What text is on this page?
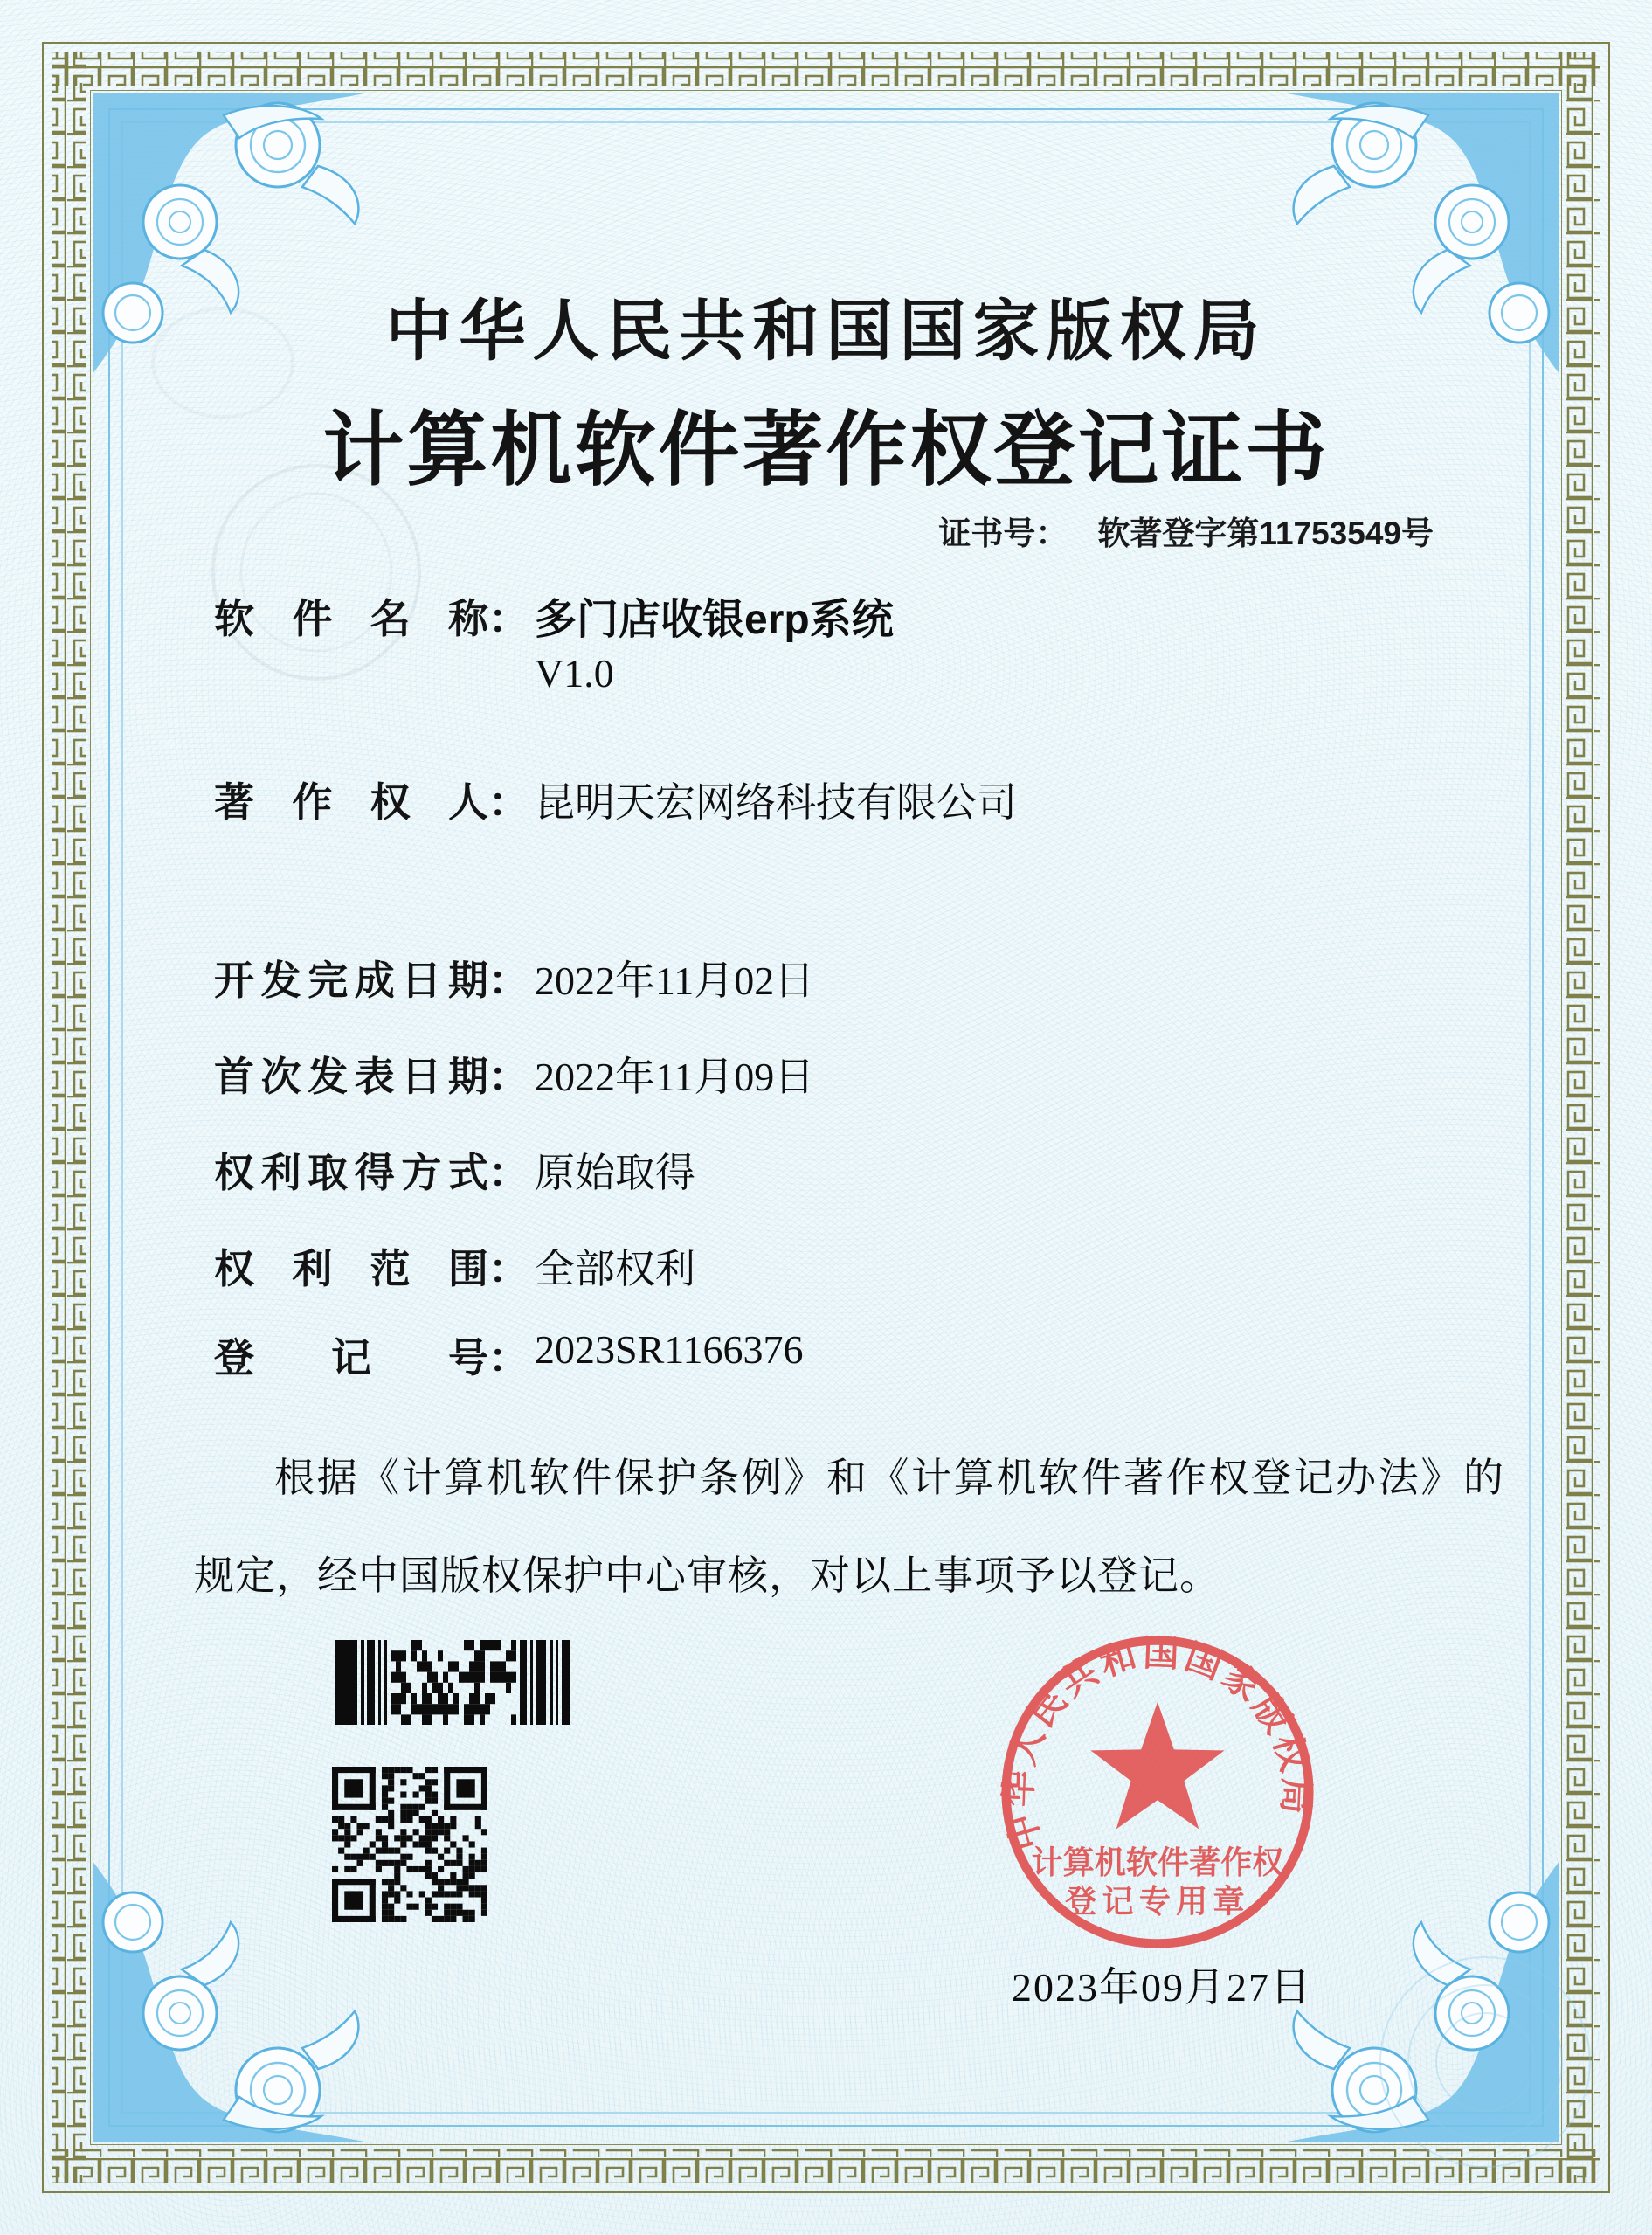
中华人民共和国国家版权局
计算机软件著作权登记证书
证书号： 软著登字第11753549号
软 件 名 称 ： 多门店收银erp系统
V1.0
著 作 权 人 ： 昆明天宏网络科技有限公司
开 发 完 成 日 期 ： 2022年11月02日
首 次 发 表 日 期 ： 2022年11月09日
权 利 取 得 方 式 ： 原始取得
权 利 范 围 ： 全部权利
登 记 号 ： 2023SR1166376
根据《计算机软件保护条例》和《计算机软件著作权登记办法》的规定，经中国版权保护中心审核，对以上事项予以登记。
中华人民共和国国家版权局
计算机软件著作权
登记专用章
2023年09月27日
